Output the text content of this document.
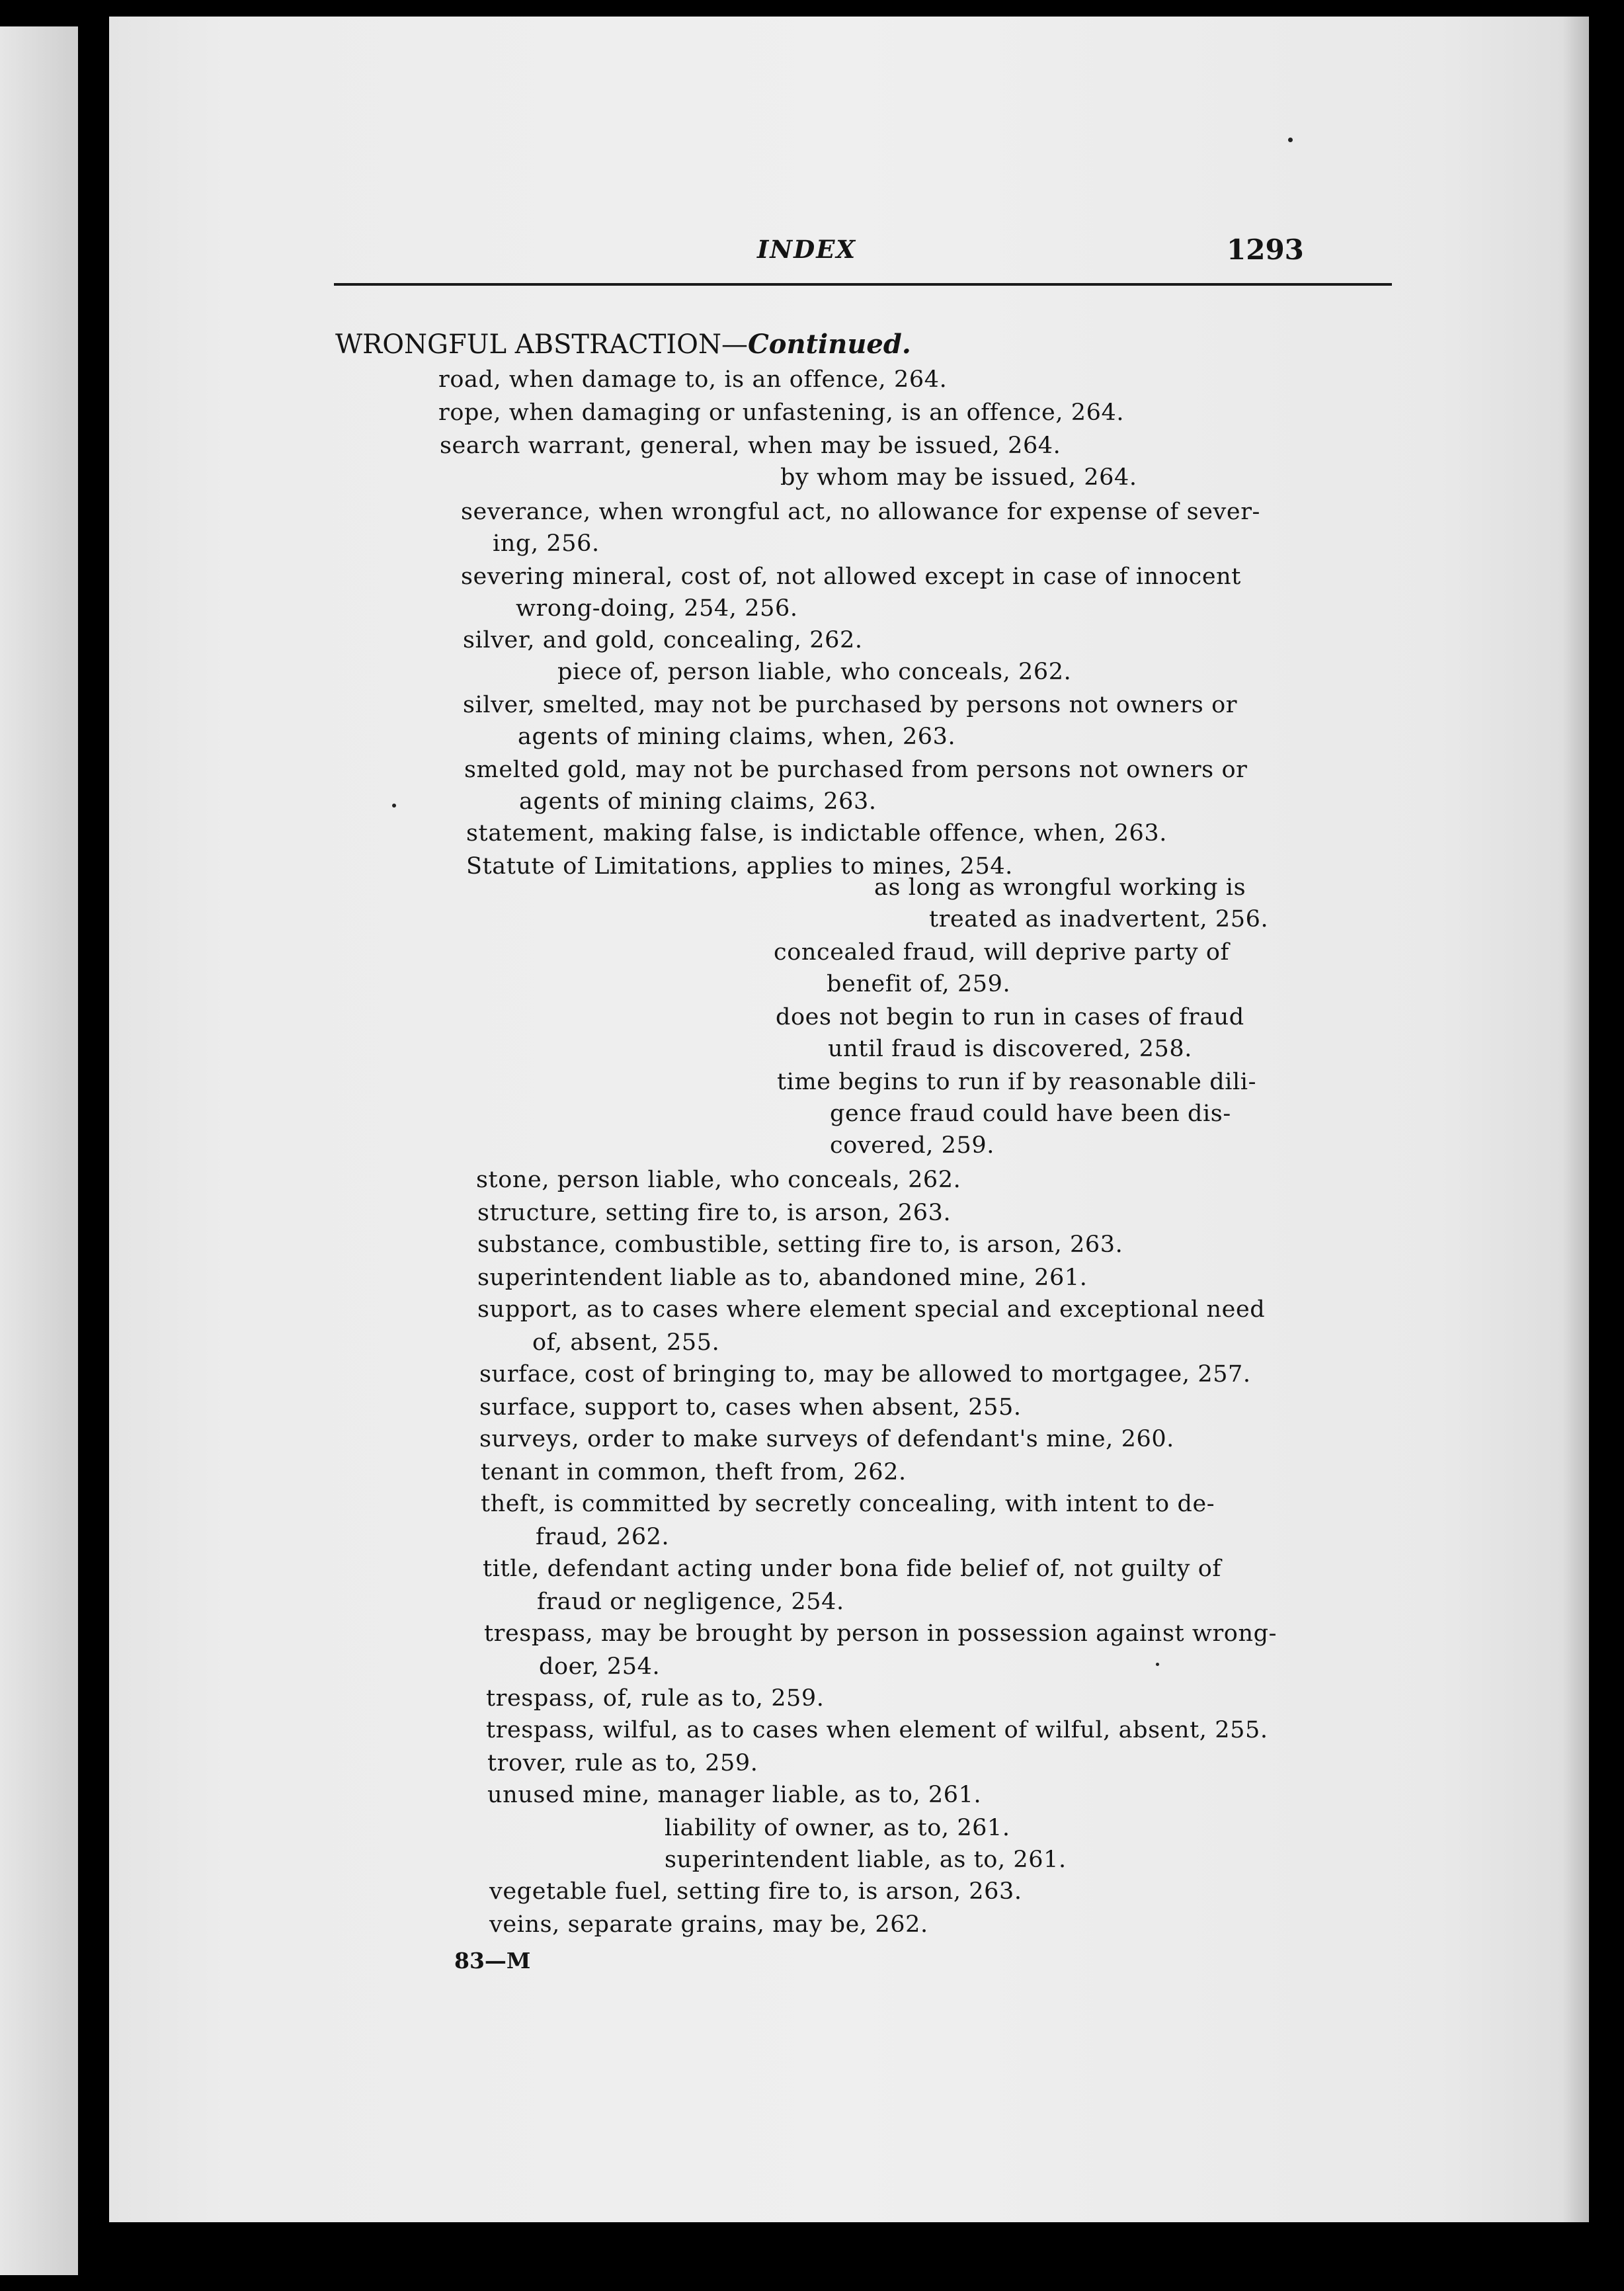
INDEX	1293
WRONGFUL ABSTRACTION—Continued.
road, when damage to, is an offence, 264.
rope, when damaging or unfastening, is an offence, 264.
search warrant, general, when may be issued, 264.
by whom may be issued, 264.
severance, when wrongful act, no allowance for expense of sever-
ing, 256.
severing mineral, cost of, not allowed except in case of innocent
wrong-doing, 254, 256.
silver, and gold, concealing, 262.
piece of, person liable, who conceals, 262.
silver, smelted, may not be purchased by persons not owners or
agents of mining claims, when, 263.
smelted gold, may not be purchased from persons not owners or
agents of mining claims, 263.
statement, making false, is indictable offence, when, 263.
Statute of Limitations, applies to mines, 254.
as long as wrongful working is
treated as inadvertent, 256.
concealed fraud, will deprive party of
benefit of, 259.
does not begin to run in cases of fraud
until fraud is discovered, 258.
time begins to run if by reasonable dili-
gence fraud could have been dis-
covered, 259.
stone, person liable, who conceals, 262.
structure, setting fire to, is arson, 263.
substance, combustible, setting fire to, is arson, 263.
superintendent liable as to, abandoned mine, 261.
support, as to cases where element special and exceptional need
of, absent, 255.
surface, cost of bringing to, may be allowed to mortgagee, 257.
surface, support to, cases when absent, 255.
surveys, order to make surveys of defendant's mine, 260.
tenant in common, theft from, 262.
theft, is committed by secretly concealing, with intent to de-
fraud, 262.
title, defendant acting under bona fide belief of, not guilty of
fraud or negligence, 254.
trespass, may be brought by person in possession against wrong-
doer, 254.
trespass, of, rule as to, 259.
trespass, wilful, as to cases when element of wilful, absent, 255.
trover, rule as to, 259.
unused mine, manager liable, as to, 261.
liability of owner, as to, 261.
superintendent liable, as to, 261.
vegetable fuel, setting fire to, is arson, 263.
veins, separate grains, may be, 262.
83—M
